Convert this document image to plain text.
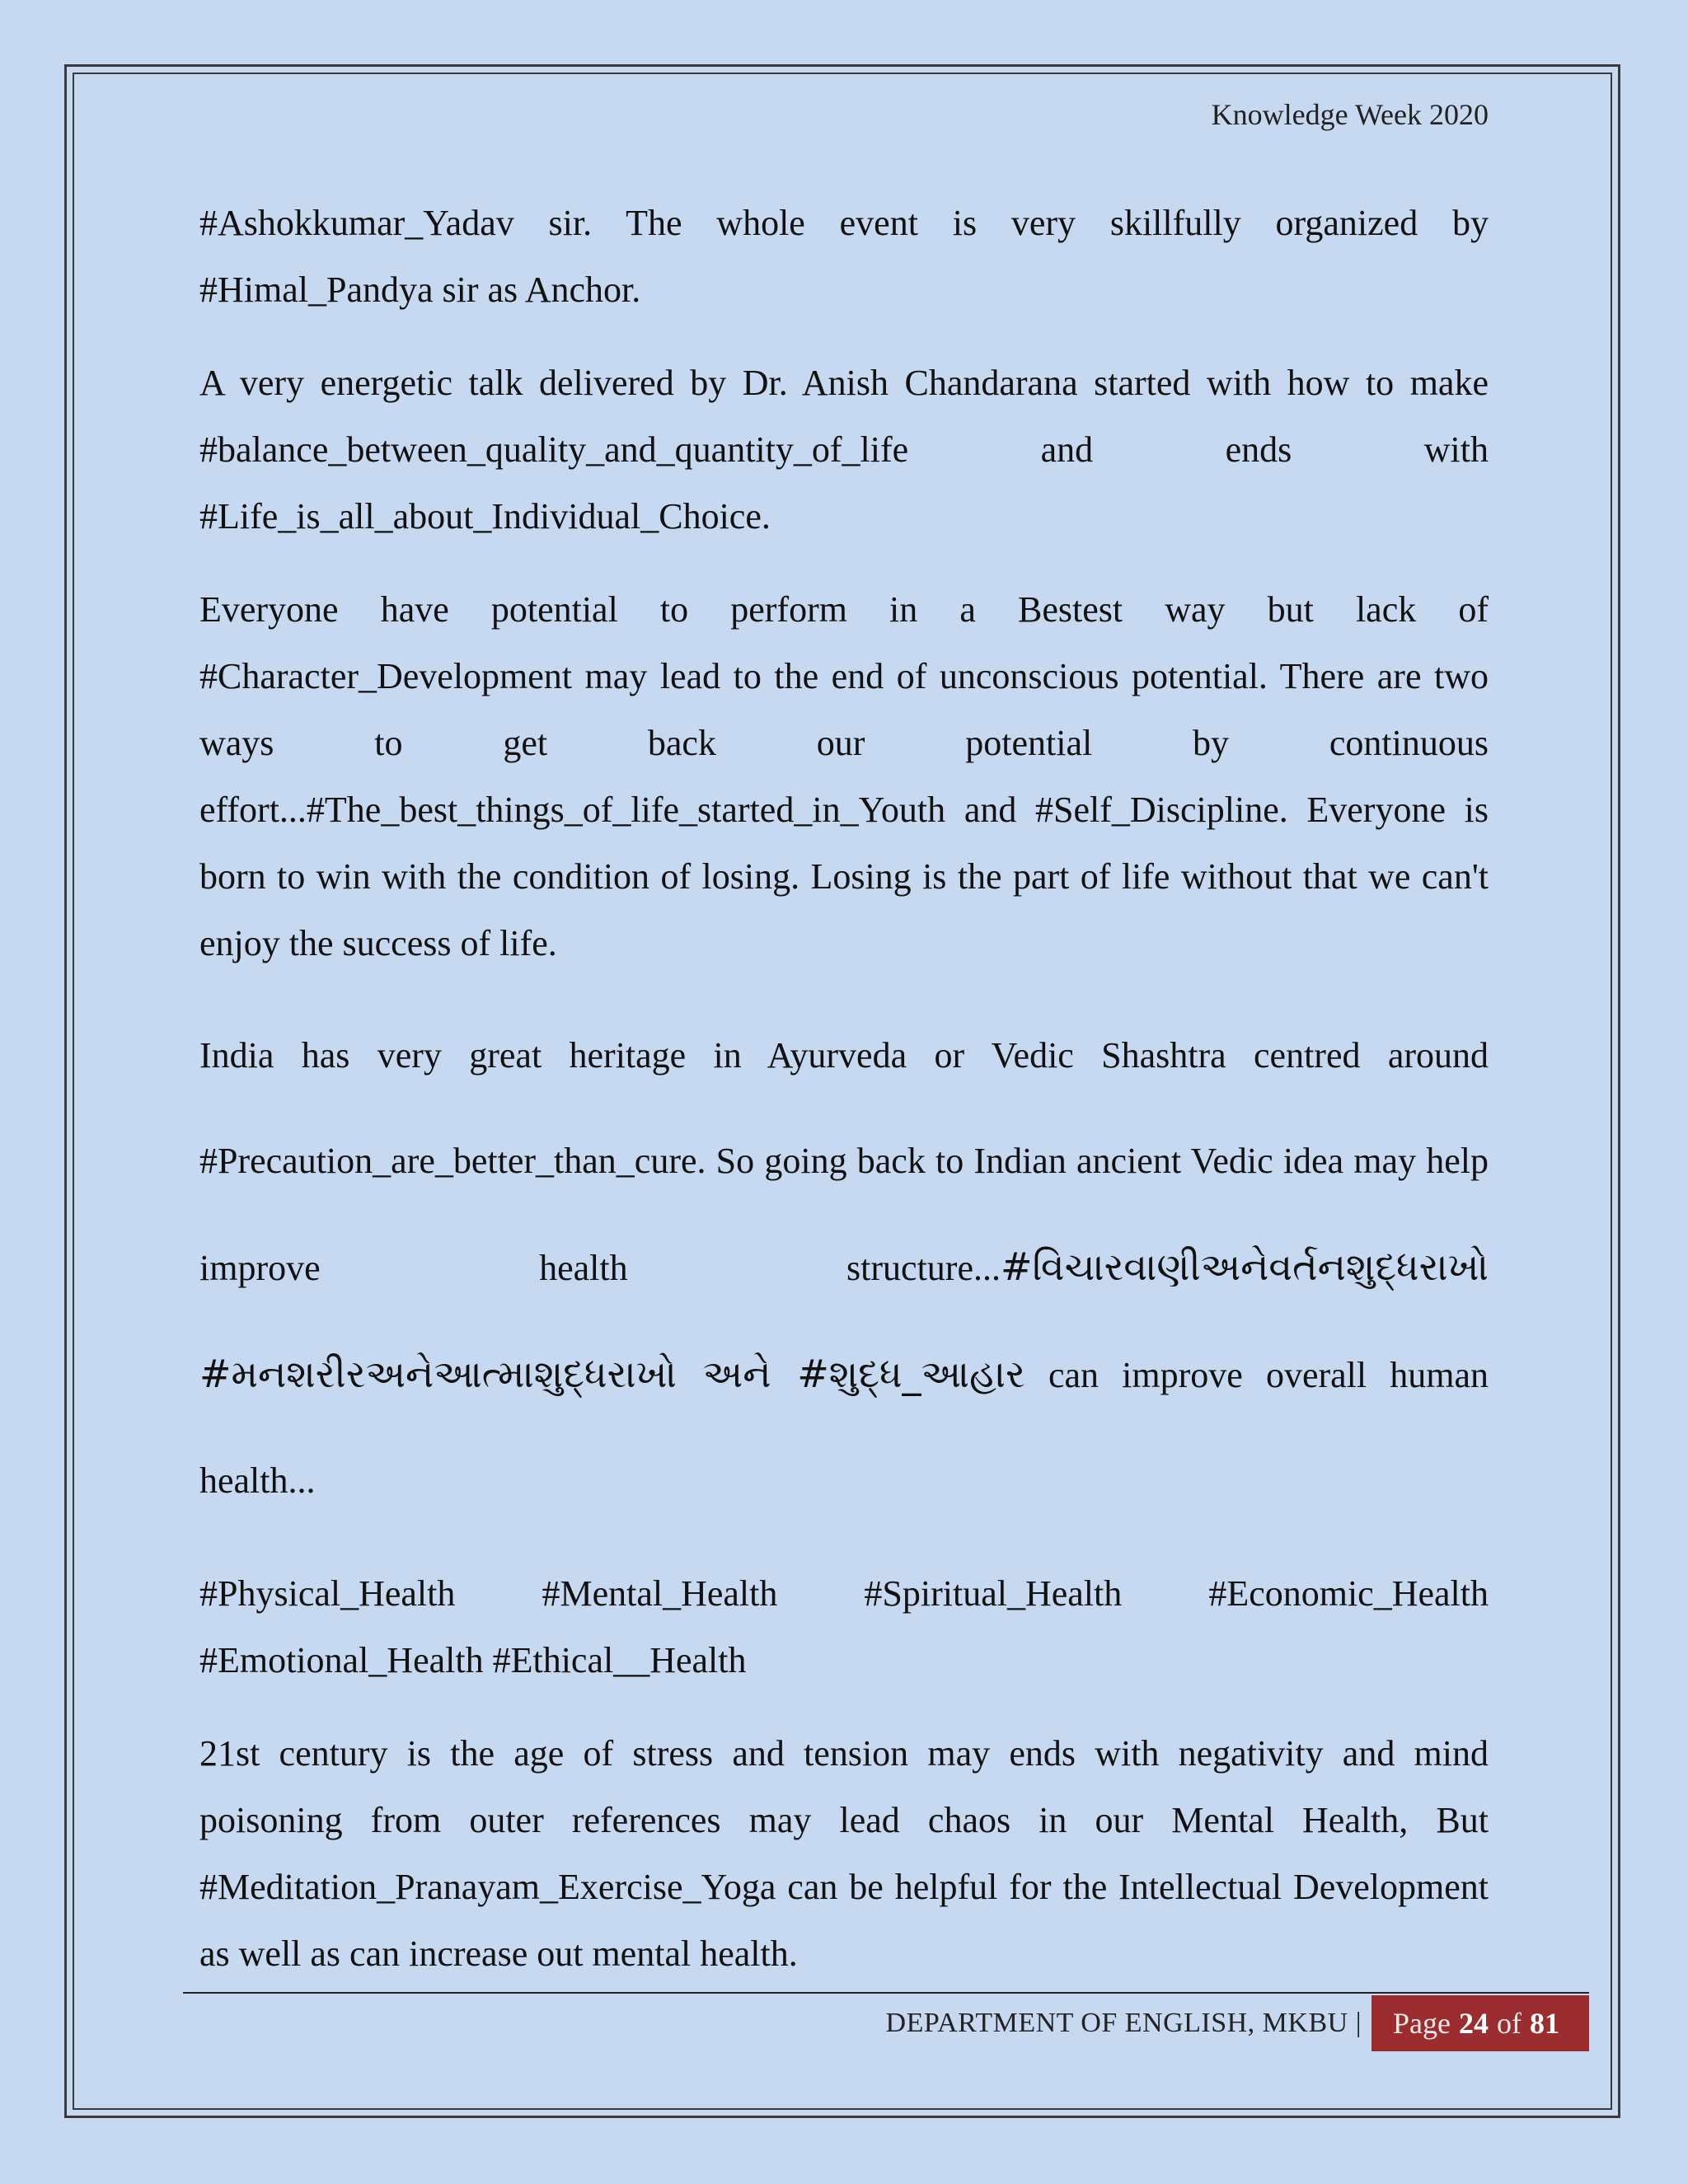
Knowledge Week 2020

#Ashokkumar_Yadav sir. The whole event is very skillfully organized by #Himal_Pandya sir as Anchor.

A very energetic talk delivered by Dr. Anish Chandarana started with how to make #balance_between_quality_and_quantity_of_life and ends with #Life_is_all_about_Individual_Choice.

Everyone have potential to perform in a Bestest way but lack of #Character_Development may lead to the end of unconscious potential. There are two ways to get back our potential by continuous effort...#The_best_things_of_life_started_in_Youth and #Self_Discipline. Everyone is born to win with the condition of losing. Losing is the part of life without that we can't enjoy the success of life.

India has very great heritage in Ayurveda or Vedic Shashtra centred around #Precaution_are_better_than_cure. So going back to Indian ancient Vedic idea may help improve health structure...#વિચારવાણીઅનેવર્તનશુદ્ધરાખો #મનશરીરઅનેઆત્માશુદ્ધરાખો અને #શુદ્ધ_આહાર can improve overall human health...

#Physical_Health #Mental_Health #Spiritual_Health #Economic_Health #Emotional_Health #Ethical__Health

21st century is the age of stress and tension may ends with negativity and mind poisoning from outer references may lead chaos in our Mental Health, But #Meditation_Pranayam_Exercise_Yoga can be helpful for the Intellectual Development as well as can increase out mental health.

DEPARTMENT OF ENGLISH, MKBU | Page 24 of 81
